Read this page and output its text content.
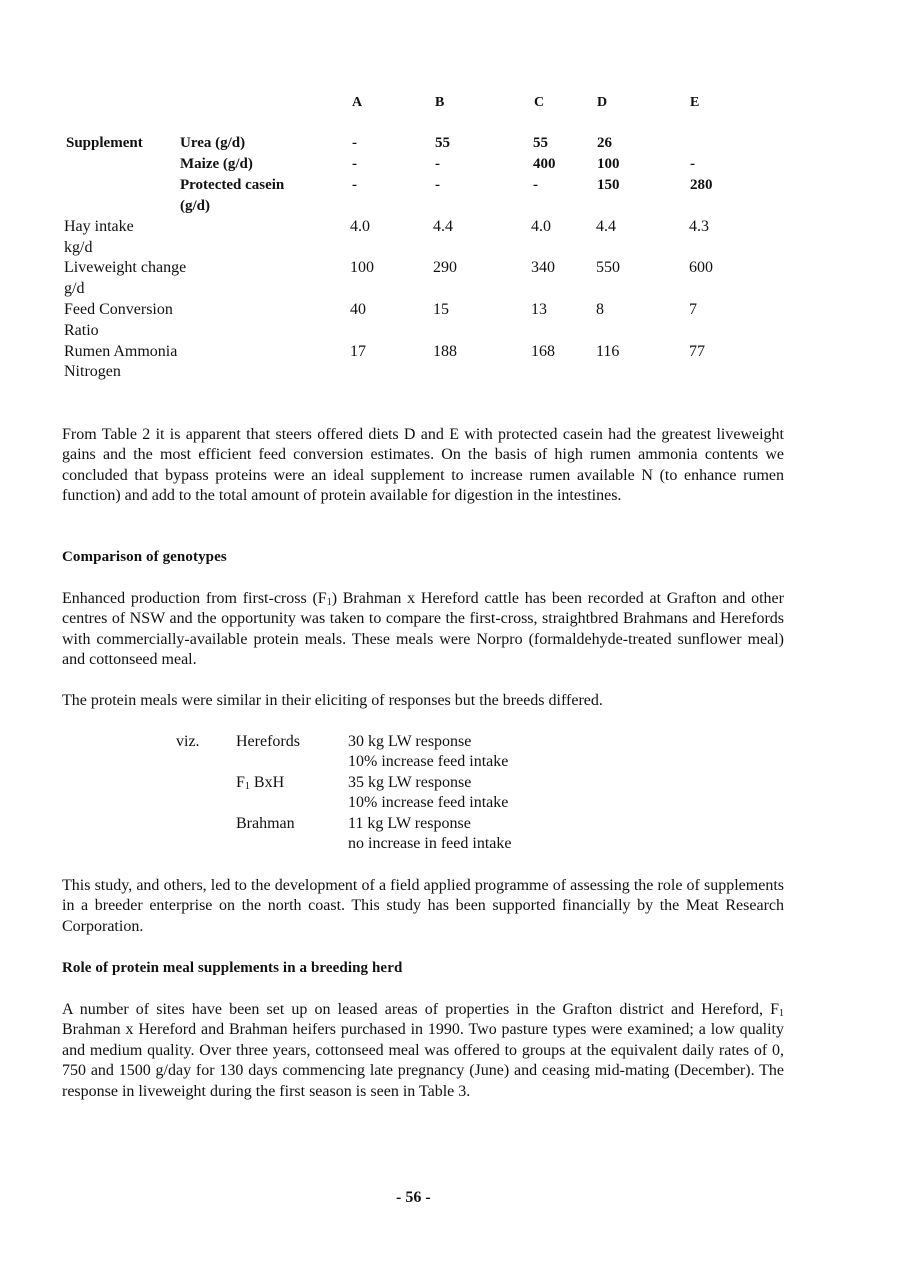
A	B	C	D	E
Supplement Urea (g/d)	-	55	55	26
Maize (g/d)	-	-	400	100	-
Protected casein
(g/d)
-	-	-	150	280
Hay intake
kg/d
4.0	4.4	4.0	4.4	4.3
Liveweight change
g/d
100	290	340	550	600
Feed Conversion
Ratio
40	15	13	8	7
Rumen Ammonia
Nitrogen
17	188	168	116	77
From Table 2 it is apparent that steers offered diets D and E with protected casein had the greatest liveweight gains and the most efficient feed conversion estimates. On the basis of high rumen ammonia contents we concluded that bypass proteins were an ideal supplement to increase rumen available N (to enhance rumen function) and add to the total amount of protein available for digestion in the intestines.
Comparison of genotypes
Enhanced production from first-cross $(F_1)$ Brahman x Hereford cattle has been recorded at Grafton and other centres of NSW and the opportunity was taken to compare the first-cross, straightbred Brahmans and Herefords with commercially-available protein meals. These meals were Norpro (formaldehyde-treated sunflower meal) and cottonseed meal.
The protein meals were similar in their eliciting of responses but the breeds differed.
viz. Herefords	30 kg LW response
10% increase feed intake
$F_1$ BxH	35 kg LW response
10% increase feed intake
Brahman	11 kg LW response
no increase in feed intake
This study, and others, led to the development of a field applied programme of assessing the role of supplements in a breeder enterprise on the north coast. This study has been supported financially by the Meat Research Corporation.
Role of protein meal supplements in a breeding herd
A number of sites have been set up on leased areas of properties in the Grafton district and Hereford, $F_1$ Brahman x Hereford and Brahman heifers purchased in 1990. Two pasture types were examined; a low quality and medium quality. Over three years, cottonseed meal was offered to groups at the equivalent daily rates of 0, 750 and 1500 g/day for 130 days commencing late pregnancy (June) and ceasing mid-mating (December). The response in liveweight during the first season is seen in Table 3.
- 56 -
